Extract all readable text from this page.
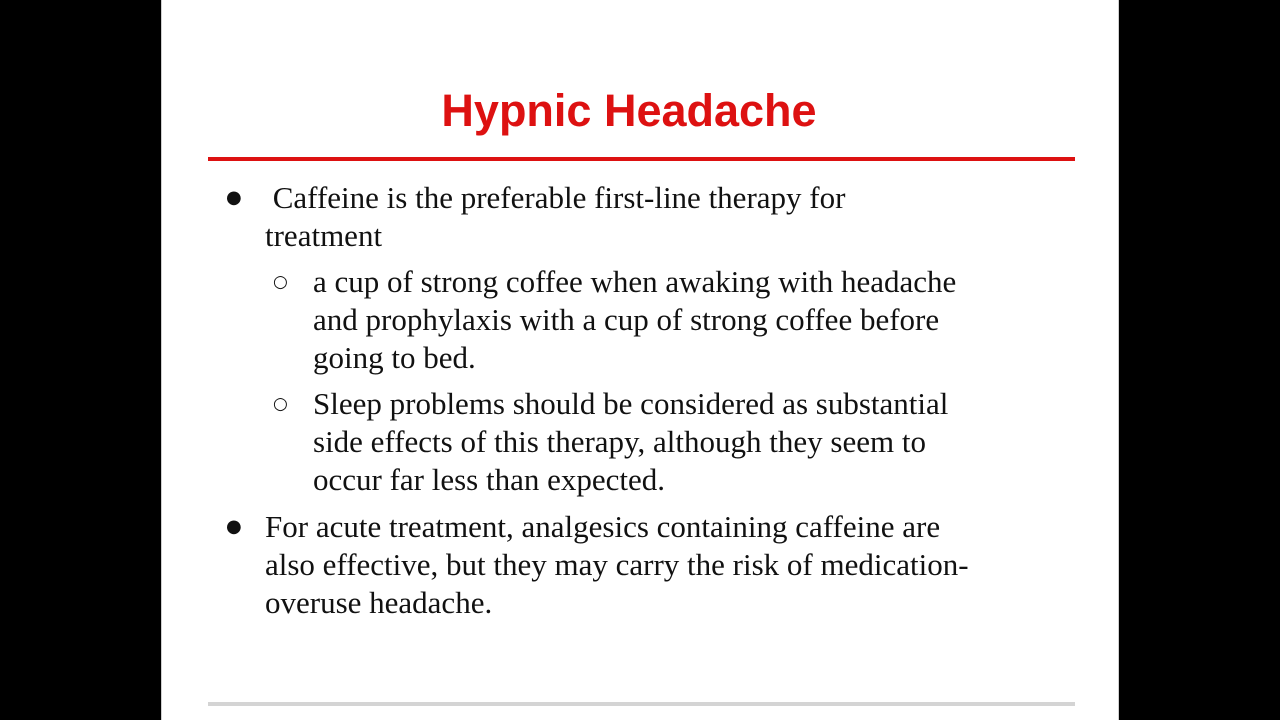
Hypnic Headache
● Caffeine is the preferable first-line therapy for
treatment
○ a cup of strong coffee when awaking with headache
and prophylaxis with a cup of strong coffee before
going to bed.
○ Sleep problems should be considered as substantial
side effects of this therapy, although they seem to
occur far less than expected.
● For acute treatment, analgesics containing caffeine are
also effective, but they may carry the risk of medication-
overuse headache.
